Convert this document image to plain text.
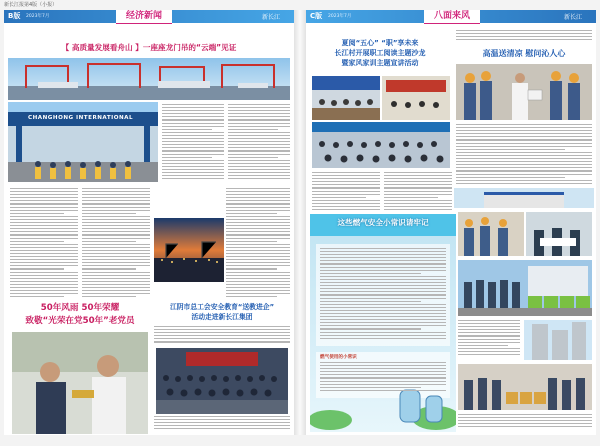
新长江报第4版（小报）
B版 2023年7月	经济新闻	新长江
【 高质量发展看舟山 】一座座龙门吊的“云端”见证
CHANGHONG INTERNATIONAL
50年风雨 50年荣耀
致敬“光荣在党50年”老党员
江阴市总工会安全教育“送教进企”
活动走进新长江集团
C版 2023年7月	八面来风	新长江
夏阅“五心” “职”享未来
长江村开展职工阅读主题沙龙
暨家风家训主题宣讲活动
高温送清凉 慰问沁人心
这些燃气安全小常识请牢记
燃气使用的小常识
